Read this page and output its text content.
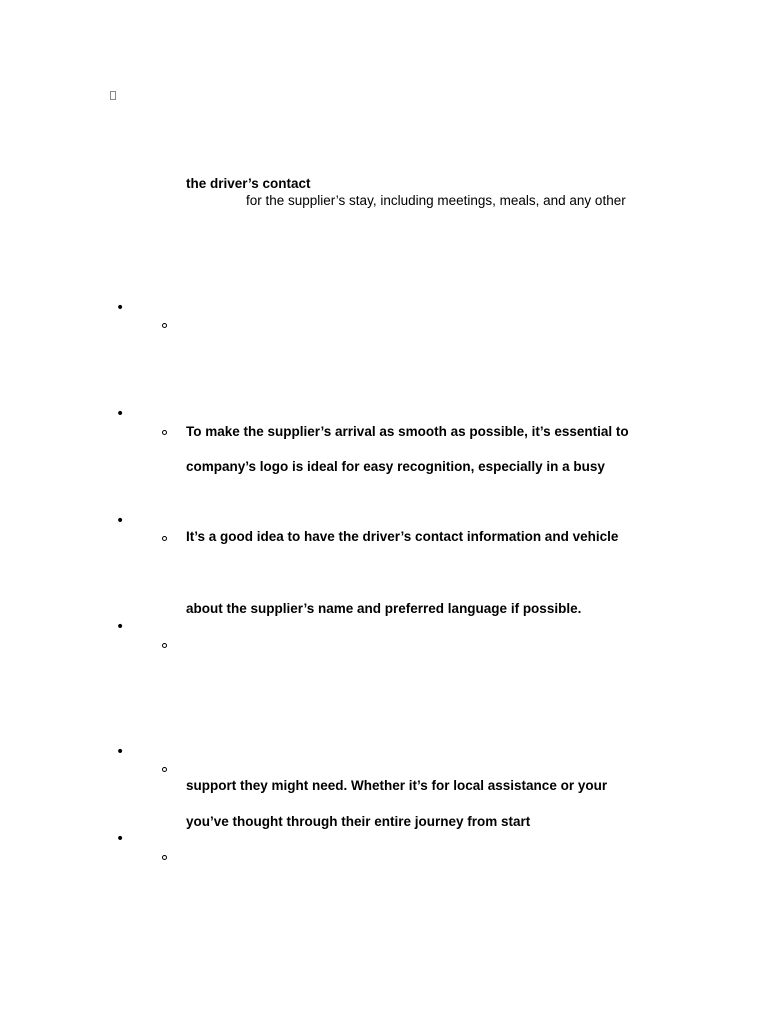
the driver’s contact
for the supplier’s stay, including meetings, meals, and any other
•
•
To make the supplier’s arrival as smooth as possible, it’s essential to
company’s logo is ideal for easy recognition, especially in a busy
•
It’s a good idea to have the driver’s contact information and vehicle
about the supplier’s name and preferred language if possible.
•
•
support they might need. Whether it’s for local assistance or your
you’ve thought through their entire journey from start
•
